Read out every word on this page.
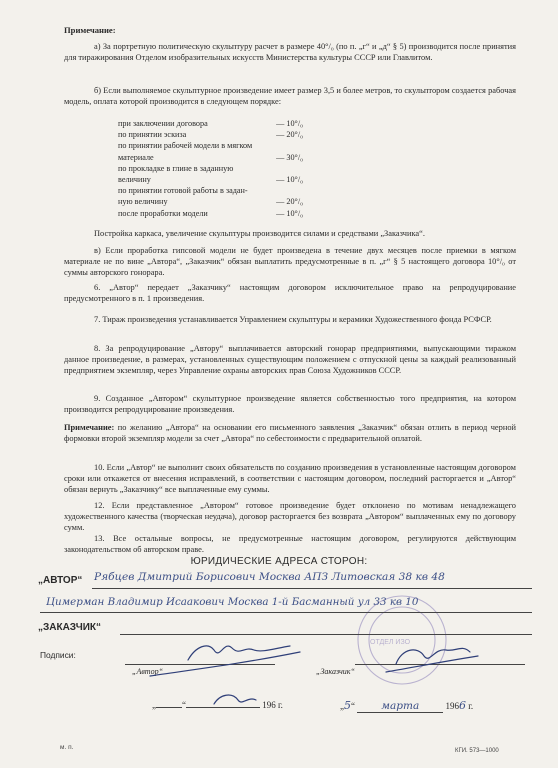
Примечание:

а) За портретную политическую скульптуру расчет в размере 40°/₀ (по п. „г“ и „д“ § 5) производится после принятия для тиражирования Отделом изобразительных искусств Министерства культуры СССР или Главлитом.

б) Если выполняемое скульптурное произведение имеет размер 3,5 и более метров, то скульптором создается рабочая модель, оплата которой производится в следующем порядке:

при заключении договора	— 10°/₀
по принятии эскиза	— 20°/₀
по принятии рабочей модели в мягком	
материале	— 30°/₀
по прокладке в глине в заданную	
величину	— 10°/₀
по принятии готовой работы в задан-	
ную величину	— 20°/₀
после проработки модели	— 10°/₀

Постройка каркаса, увеличение скульптуры производится силами и средствами „Заказчика“.

в) Если проработка гипсовой модели не будет произведена в течение двух месяцев после приемки в мягком материале не по вине „Автора“, „Заказчик“ обязан выплатить предусмотренные в п. „г“ § 5 настоящего договора 10°/₀ от суммы авторского гонорара.

6. „Автор“ передает „Заказчику“ настоящим договором исключительное право на репродуцирование предусмотренного в п. 1 произведения.

7. Тираж произведения устанавливается Управлением скульптуры и керамики Художественного фонда РСФСР.

8. За репродуцирование „Автору“ выплачивается авторский гонорар предприятиями, выпускающими тиражом данное произведение, в размерах, установленных существующим положением с отпускной цены за каждый реализованный предприятием экземпляр, через Управление охраны авторских прав Союза Художников СССР.

9. Созданное „Автором“ скульптурное произведение является собственностью того предприятия, на котором производится репродуцирование произведения.

Примечание: по желанию „Автора“ на основании его письменного заявления „Заказчик“ обязан отлить в период черной формовки второй экземпляр модели за счет „Автора“ по себестоимости с предварительной оплатой.

10. Если „Автор“ не выполнит своих обязательств по созданию произведения в установленные настоящим договором сроки или откажется от внесения исправлений, в соответствии с настоящим договором, последний расторгается и „Автор“ обязан вернуть „Заказчику“ все выплаченные ему суммы.

12. Если представленное „Автором“ готовое произведение будет отклонено по мотивам ненадлежащего художественного качества (творческая неудача), договор расторгается без возврата „Автором“ выплаченных ему по договору сумм.

ЮРИДИЧЕСКИЕ АДРЕСА СТОРОН:
ОТДЕЛ ИЗО
„АВТОР“ Рябцев Дмитрий Борисович Москва АПЗ Литовская 38 кв 48
Цимерман Владимир Исаакович Москва 1-й Басманный ул 33 кв 10
„ЗАКАЗЧИК“
Подписи:
„Автор“	„Заказчик“
„	“	196 г.	„5“ марта	1966 г.
м. п.	КГИ. 573—1000

13. Все остальные вопросы, не предусмотренные настоящим договором, регулируются действующим законодательством об авторском праве.
